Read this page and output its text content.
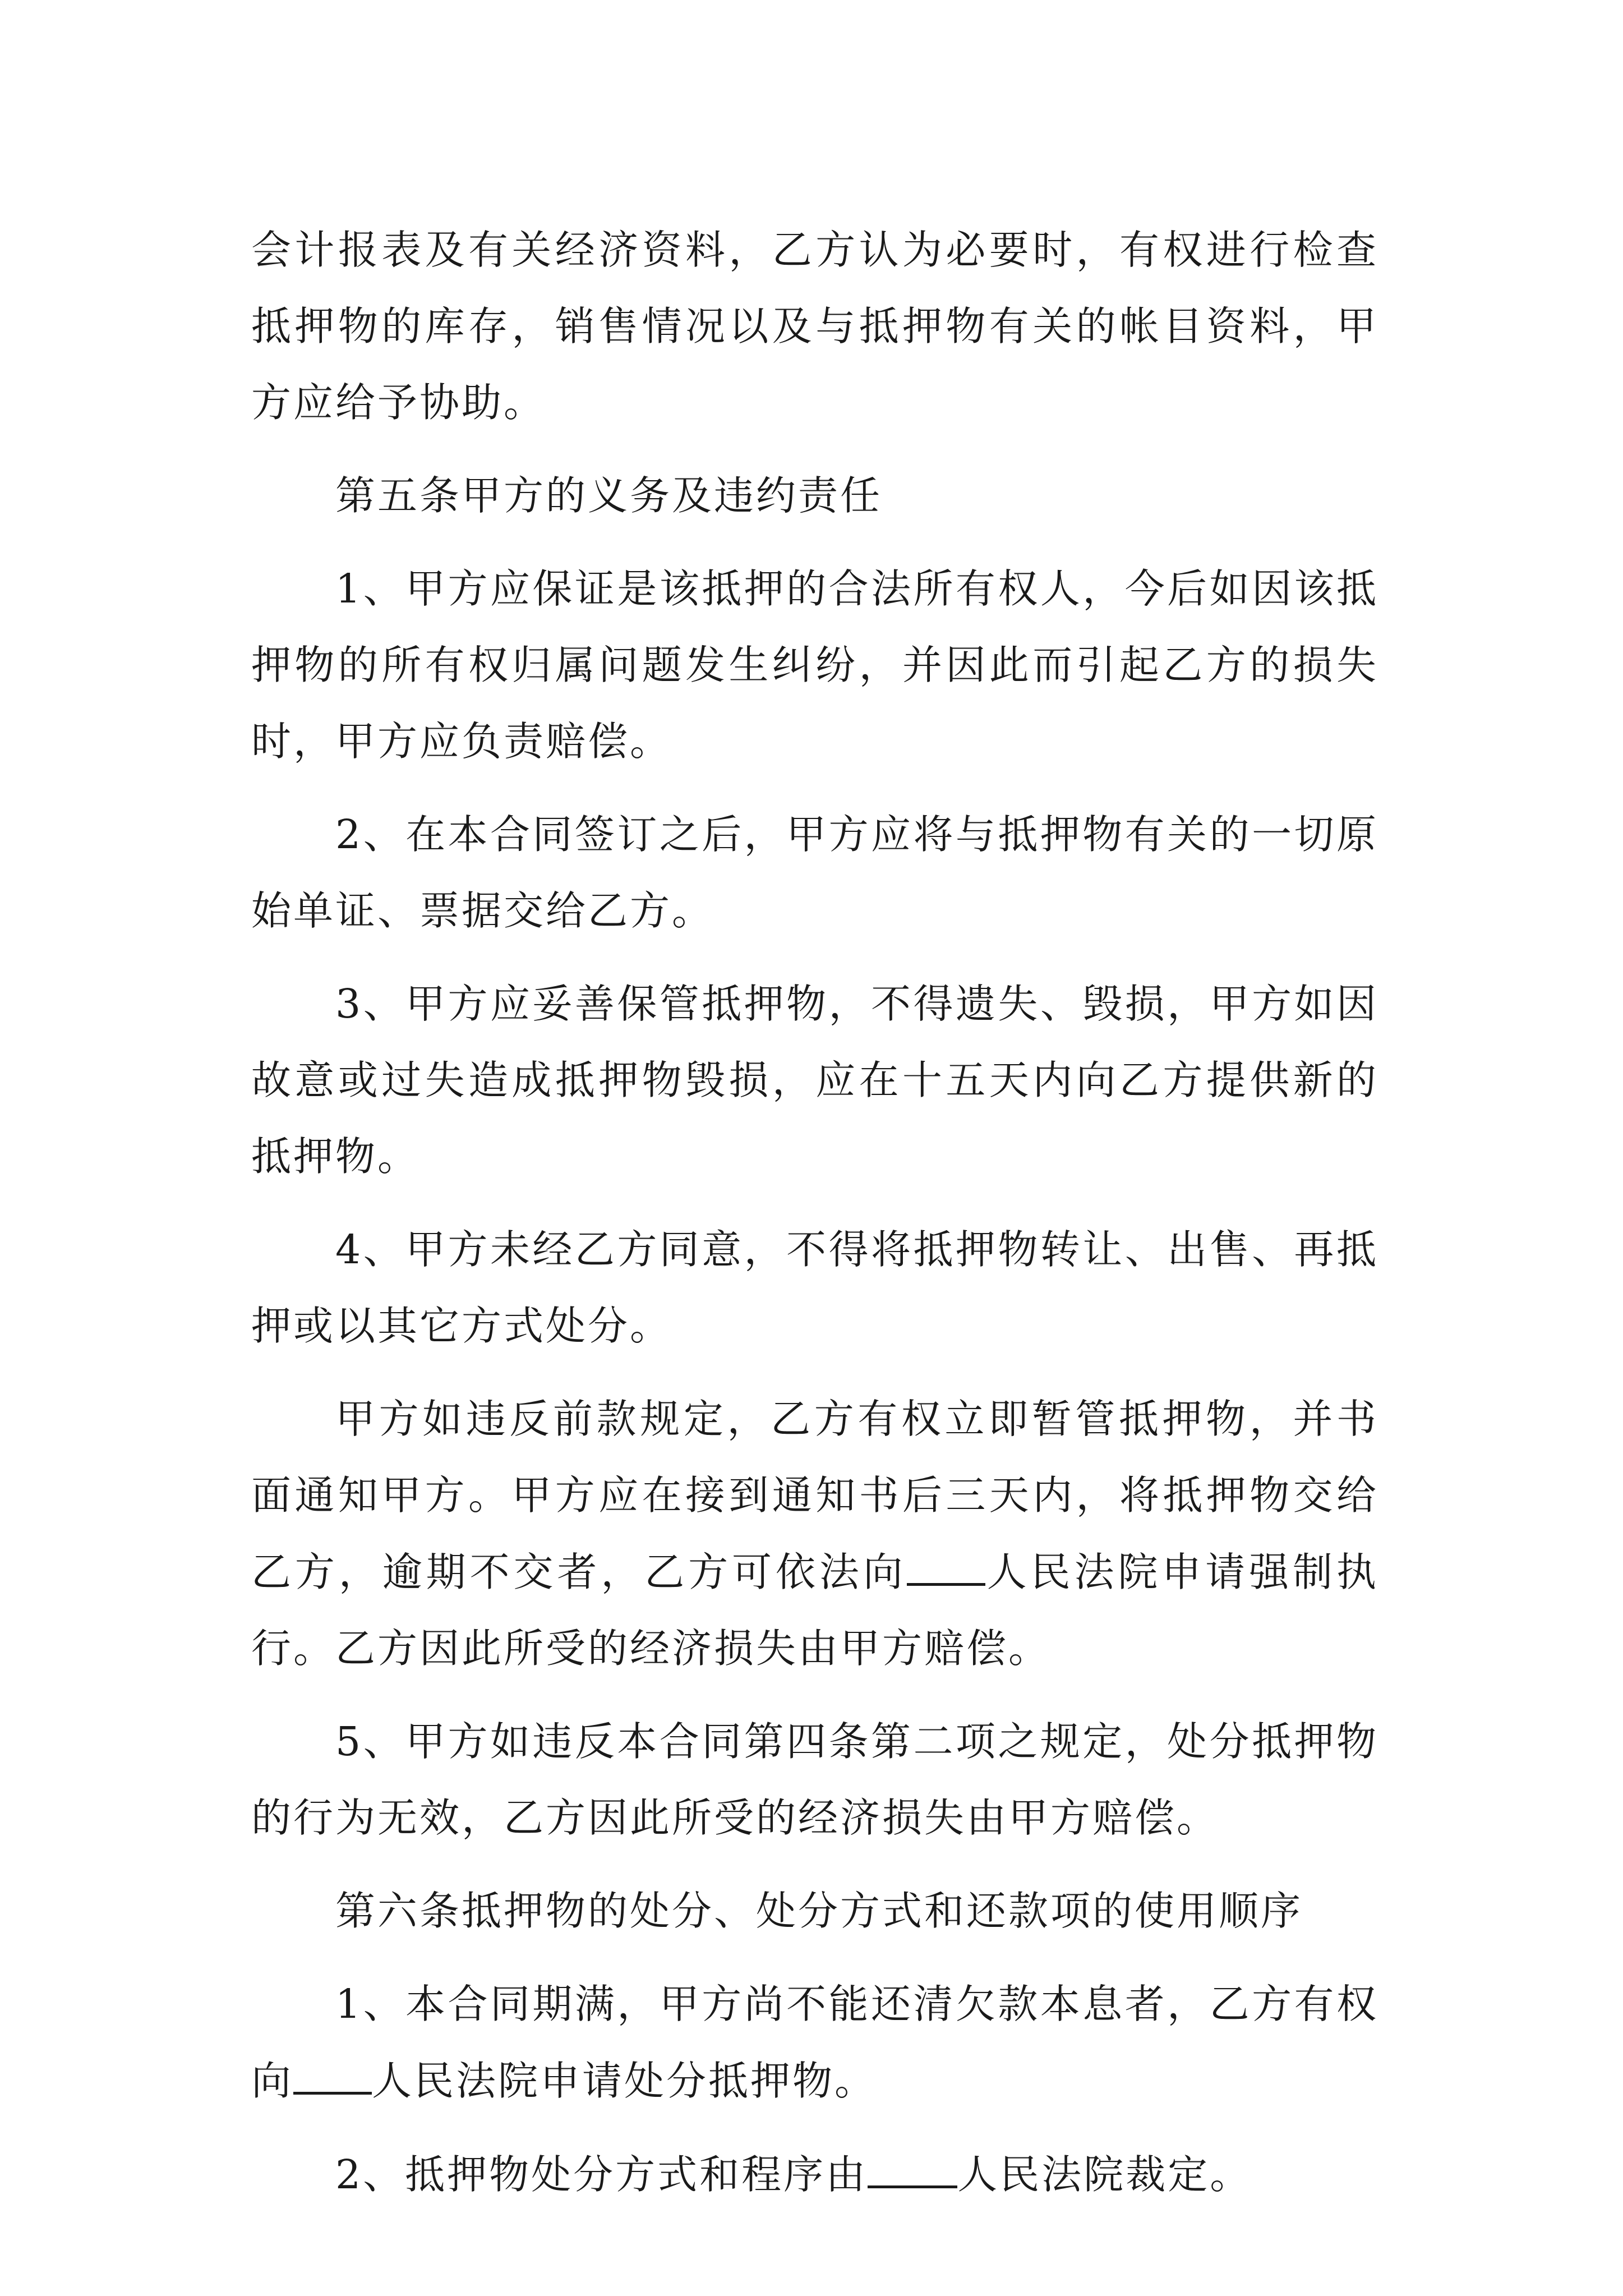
会计报表及有关经济资料，乙方认为必要时，有权进行检查抵押物的库存，销售情况以及与抵押物有关的帐目资料，甲方应给予协助。

第五条甲方的义务及违约责任

1、甲方应保证是该抵押的合法所有权人，今后如因该抵押物的所有权归属问题发生纠纷，并因此而引起乙方的损失时，甲方应负责赔偿。

2、在本合同签订之后，甲方应将与抵押物有关的一切原始单证、票据交给乙方。

3、甲方应妥善保管抵押物，不得遗失、毁损，甲方如因故意或过失造成抵押物毁损，应在十五天内向乙方提供新的抵押物。

4、甲方未经乙方同意，不得将抵押物转让、出售、再抵押或以其它方式处分。

甲方如违反前款规定，乙方有权立即暂管抵押物，并书面通知甲方。甲方应在接到通知书后三天内，将抵押物交给乙方，逾期不交者，乙方可依法向 人民法院申请强制执行。乙方因此所受的经济损失由甲方赔偿。

5、甲方如违反本合同第四条第二项之规定，处分抵押物的行为无效，乙方因此所受的经济损失由甲方赔偿。

第六条抵押物的处分、处分方式和还款项的使用顺序

1、本合同期满，甲方尚不能还清欠款本息者，乙方有权向 人民法院申请处分抵押物。

2、抵押物处分方式和程序由 人民法院裁定。
